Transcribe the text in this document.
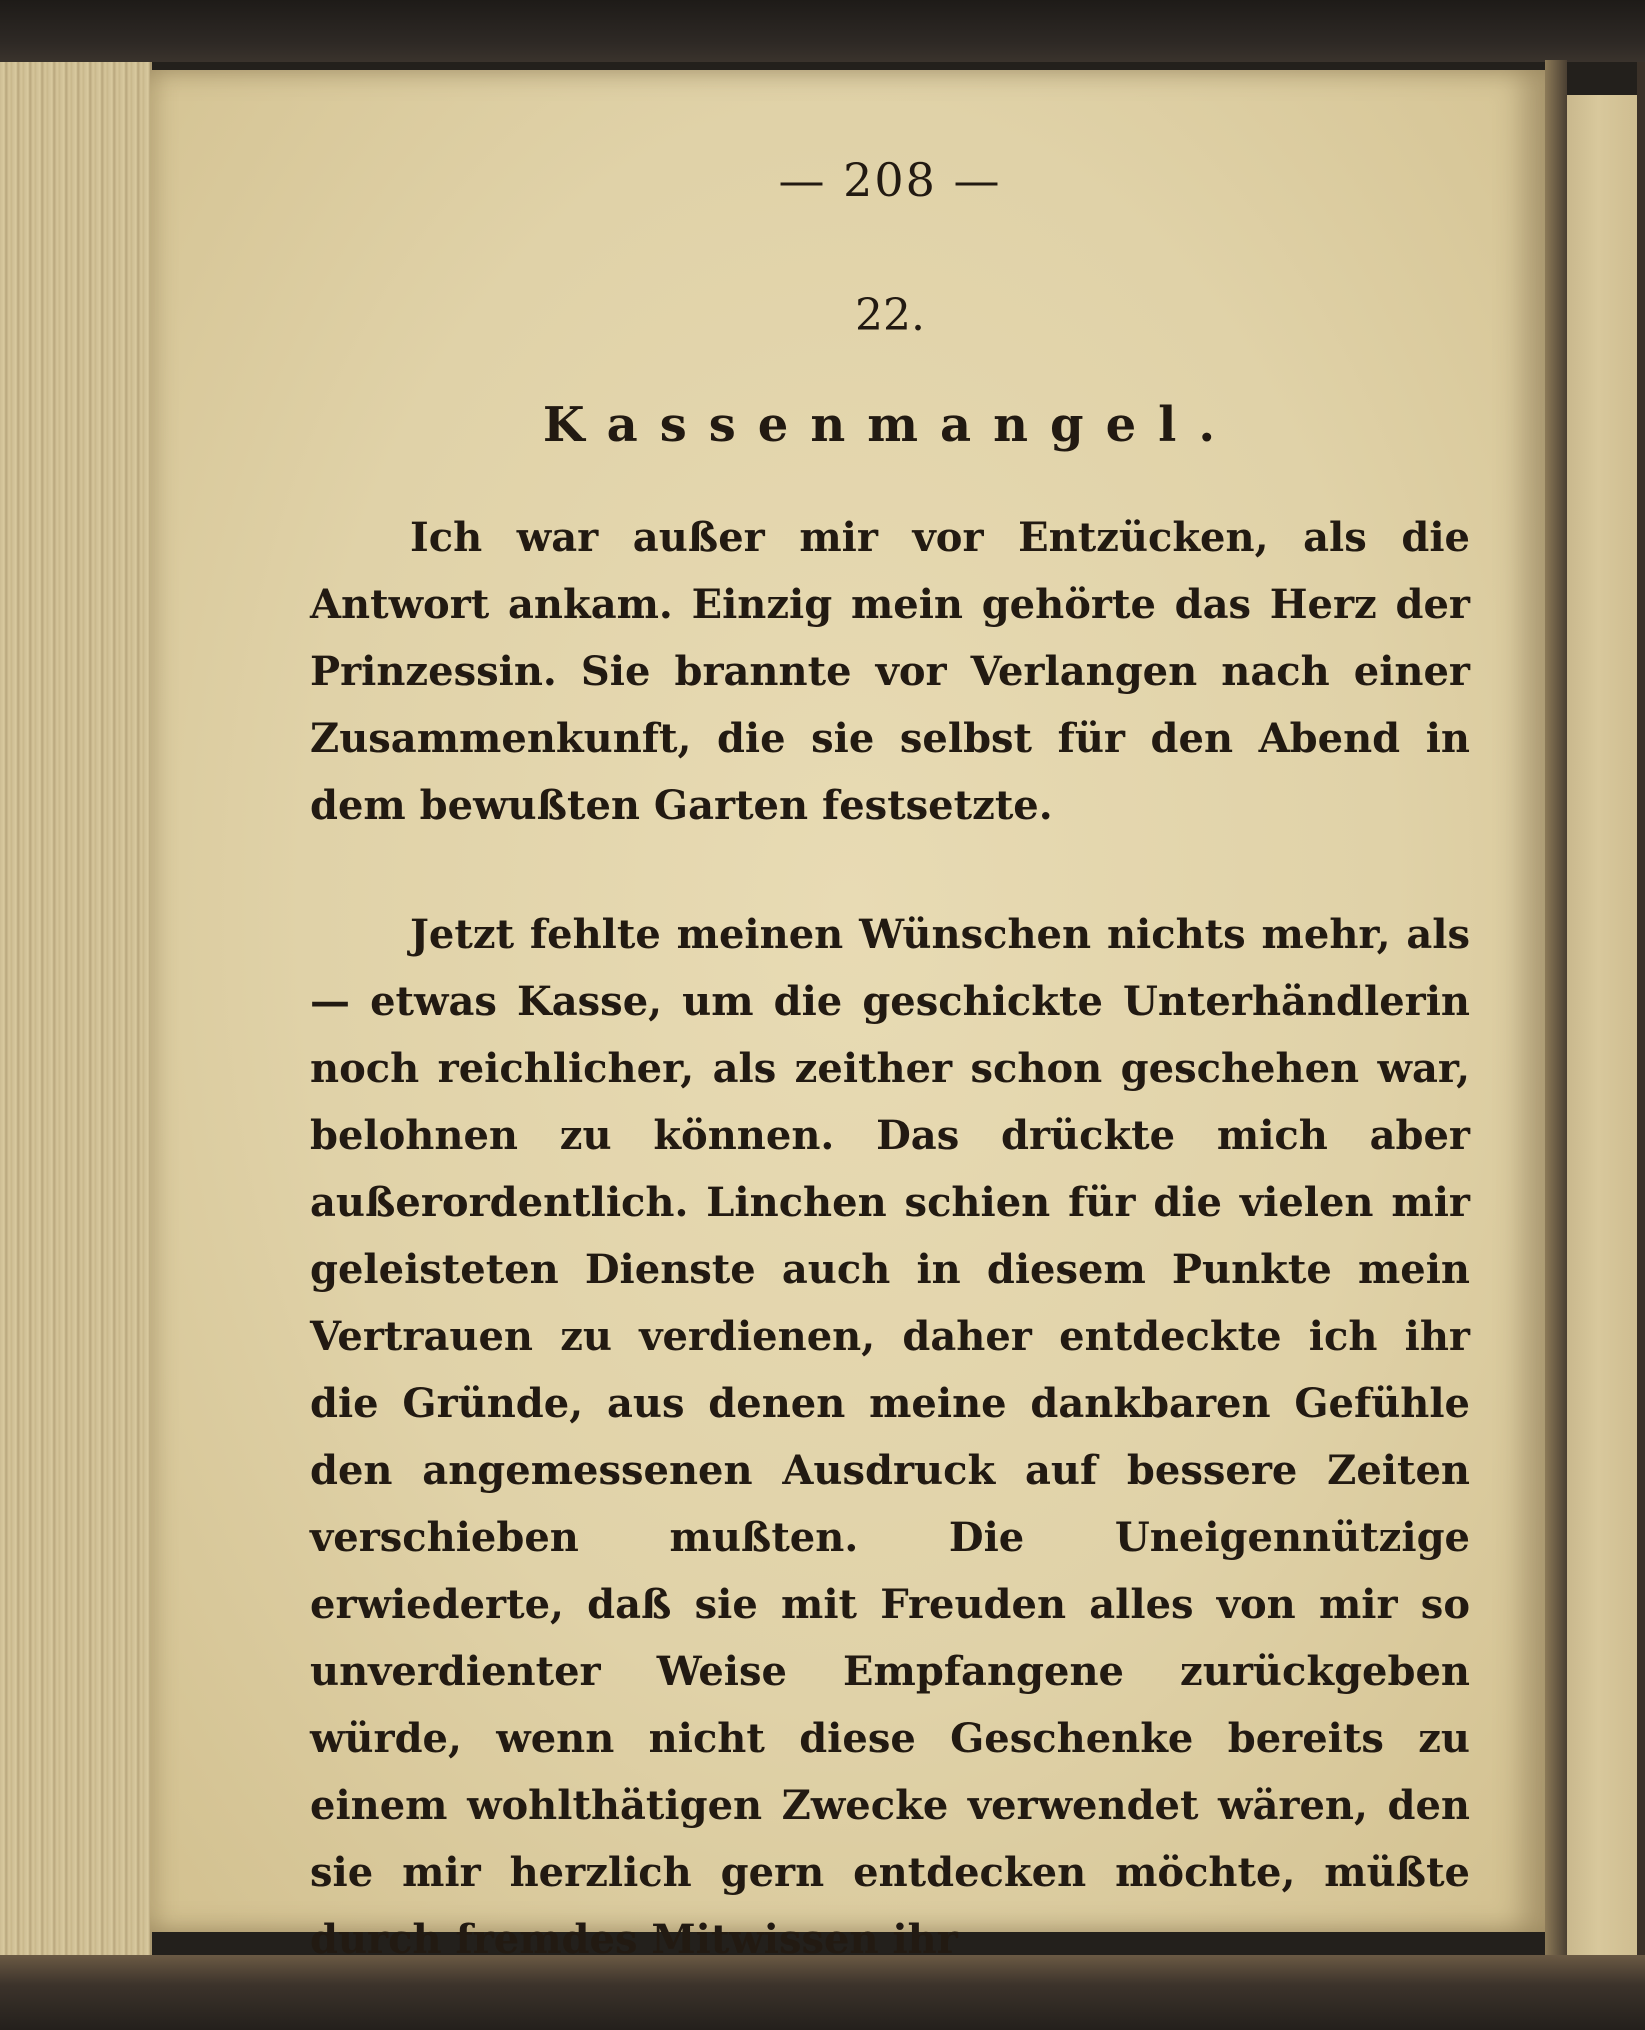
— 208 —

22.

Kassenmangel.

Ich war außer mir vor Entzücken, als die Antwort ankam. Einzig mein gehörte das Herz der Prinzessin. Sie brannte vor Verlangen nach einer Zusammenkunft, die sie selbst für den Abend in dem bewußten Garten festsetzte.

Jetzt fehlte meinen Wünschen nichts mehr, als — etwas Kasse, um die geschickte Unterhändlerin noch reichlicher, als zeither schon geschehen war, belohnen zu können. Das drückte mich aber außerordentlich. Linchen schien für die vielen mir geleisteten Dienste auch in diesem Punkte mein Vertrauen zu verdienen, daher entdeckte ich ihr die Gründe, aus denen meine dankbaren Gefühle den angemessenen Ausdruck auf bessere Zeiten verschieben mußten. Die Uneigennützige erwiederte, daß sie mit Freuden alles von mir so unverdienter Weise Empfangene zurückgeben würde, wenn nicht diese Geschenke bereits zu einem wohlthätigen Zwecke verwendet wären, den sie mir herzlich gern entdecken möchte, müßte durch fremdes Mitwissen ihr
